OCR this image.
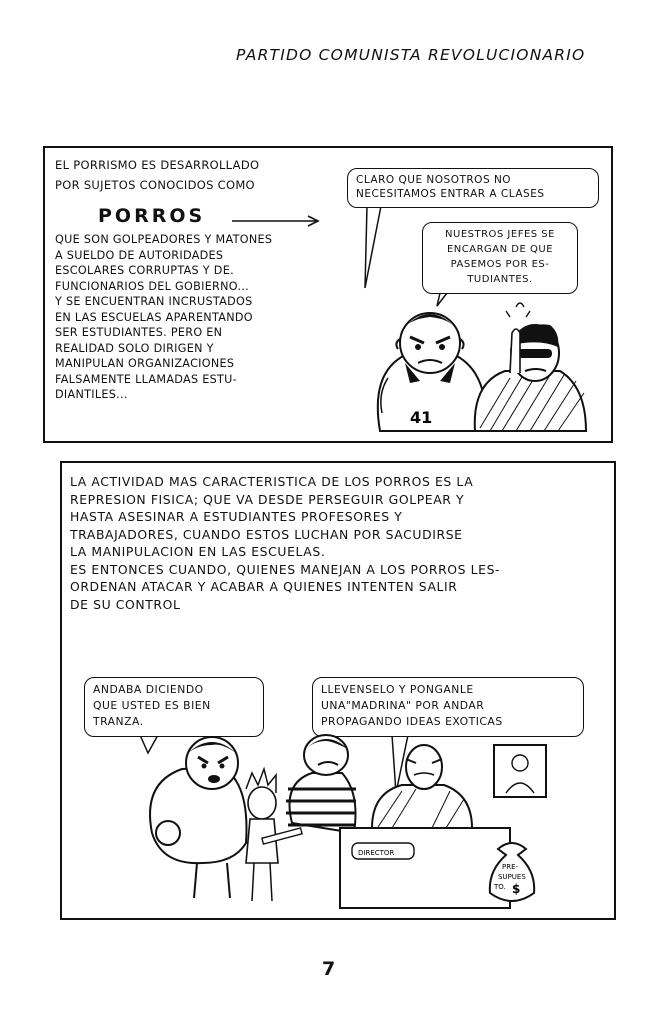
PARTIDO COMUNISTA REVOLUCIONARIO
EL PORRISMO ES DESARROLLADO
POR SUJETOS CONOCIDOS COMO
PORROS
QUE SON GOLPEADORES Y MATONES
A SUELDO DE AUTORIDADES
ESCOLARES CORRUPTAS Y DE.
FUNCIONARIOS DEL GOBIERNO...
Y SE ENCUENTRAN INCRUSTADOS
EN LAS ESCUELAS APARENTANDO
SER ESTUDIANTES. PERO EN
REALIDAD SOLO DIRIGEN Y
MANIPULAN ORGANIZACIONES
FALSAMENTE LLAMADAS ESTU-
DIANTILES...
CLARO QUE NOSOTROS NO
NECESITAMOS ENTRAR A CLASES
NUESTROS JEFES SE
ENCARGAN DE QUE
PASEMOS POR ES-
TUDIANTES.
41
LA ACTIVIDAD MAS CARACTERISTICA DE LOS PORROS ES LA
REPRESION FISICA; QUE VA DESDE PERSEGUIR GOLPEAR Y
HASTA ASESINAR A ESTUDIANTES PROFESORES Y
TRABAJADORES, CUANDO ESTOS LUCHAN POR SACUDIRSE
LA MANIPULACION EN LAS ESCUELAS.
ES ENTONCES CUANDO, QUIENES MANEJAN A LOS PORROS LES-
ORDENAN ATACAR Y ACABAR A QUIENES INTENTEN SALIR
DE SU CONTROL
ANDABA DICIENDO
QUE USTED ES BIEN
TRANZA.
LLEVENSELO Y PONGANLE
UNA"MADRINA" POR ANDAR
PROPAGANDO IDEAS EXOTICAS
DIRECTOR
PRE-
SUPUES
TO. $
7
